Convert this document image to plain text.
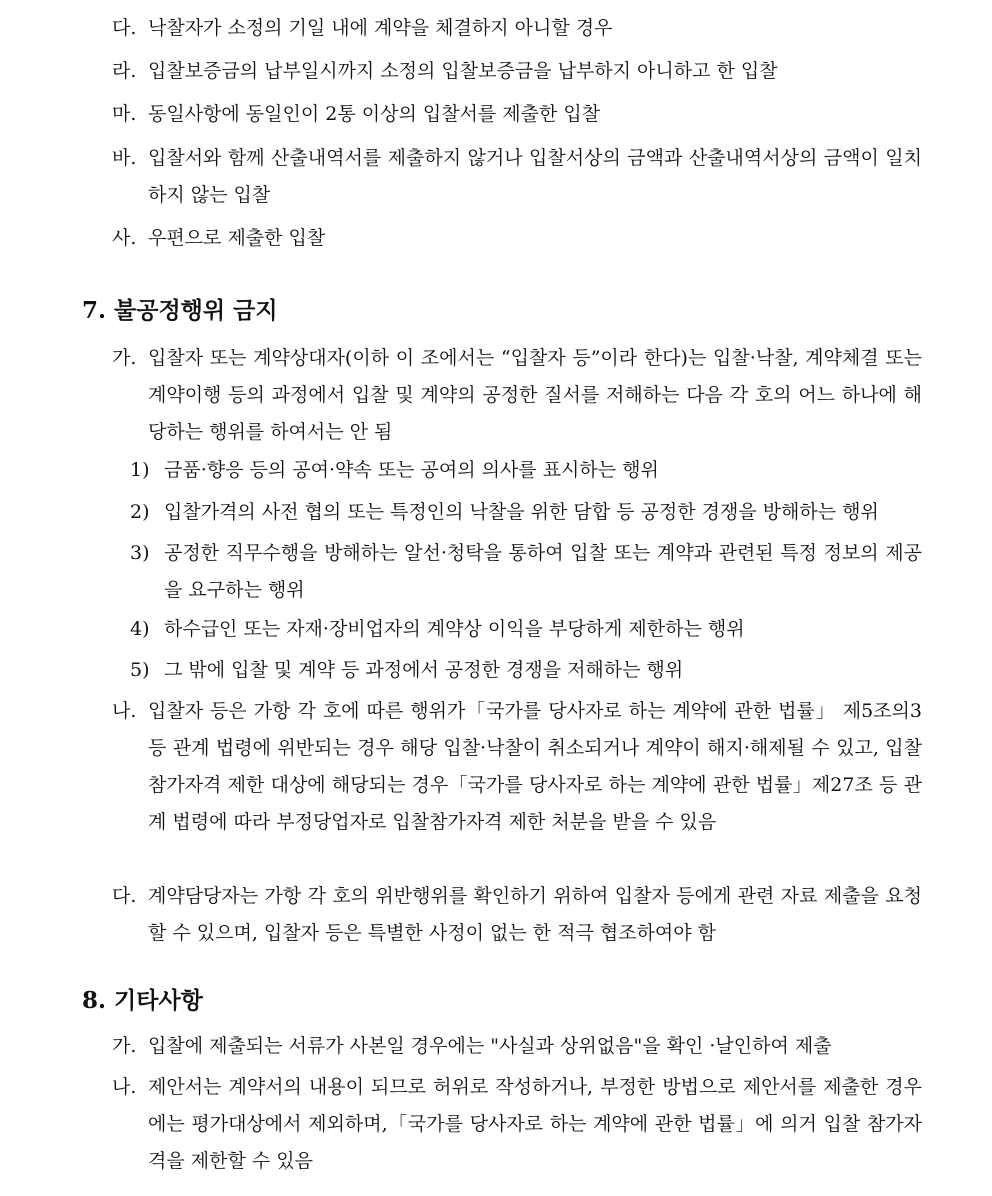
다. 낙찰자가 소정의 기일 내에 계약을 체결하지 아니할 경우

라. 입찰보증금의 납부일시까지 소정의 입찰보증금을 납부하지 아니하고 한 입찰

마. 동일사항에 동일인이 2통 이상의 입찰서를 제출한 입찰

바. 입찰서와 함께 산출내역서를 제출하지 않거나 입찰서상의 금액과 산출내역서상의 금액이 일치하지 않는 입찰

사. 우편으로 제출한 입찰

7. 불공정행위 금지

가. 입찰자 또는 계약상대자(이하 이 조에서는 “입찰자 등”이라 한다)는 입찰·낙찰, 계약체결 또는 계약이행 등의 과정에서 입찰 및 계약의 공정한 질서를 저해하는 다음 각 호의 어느 하나에 해당하는 행위를 하여서는 안 됨

1) 금품·향응 등의 공여·약속 또는 공여의 의사를 표시하는 행위

2) 입찰가격의 사전 협의 또는 특정인의 낙찰을 위한 담합 등 공정한 경쟁을 방해하는 행위

3) 공정한 직무수행을 방해하는 알선·청탁을 통하여 입찰 또는 계약과 관련된 특정 정보의 제공을 요구하는 행위

4) 하수급인 또는 자재·장비업자의 계약상 이익을 부당하게 제한하는 행위

5) 그 밖에 입찰 및 계약 등 과정에서 공정한 경쟁을 저해하는 행위

나. 입찰자 등은 가항 각 호에 따른 행위가「국가를 당사자로 하는 계약에 관한 법률」 제5조의3 등 관계 법령에 위반되는 경우 해당 입찰·낙찰이 취소되거나 계약이 해지·해제될 수 있고, 입찰참가자격 제한 대상에 해당되는 경우「국가를 당사자로 하는 계약에 관한 법률」제27조 등 관계 법령에 따라 부정당업자로 입찰참가자격 제한 처분을 받을 수 있음

다. 계약담당자는 가항 각 호의 위반행위를 확인하기 위하여 입찰자 등에게 관련 자료 제출을 요청할 수 있으며, 입찰자 등은 특별한 사정이 없는 한 적극 협조하여야 함

8. 기타사항

가. 입찰에 제출되는 서류가 사본일 경우에는 "사실과 상위없음"을 확인 ·날인하여 제출

나. 제안서는 계약서의 내용이 되므로 허위로 작성하거나, 부정한 방법으로 제안서를 제출한 경우에는 평가대상에서 제외하며,「국가를 당사자로 하는 계약에 관한 법률」에 의거 입찰 참가자격을 제한할 수 있음
